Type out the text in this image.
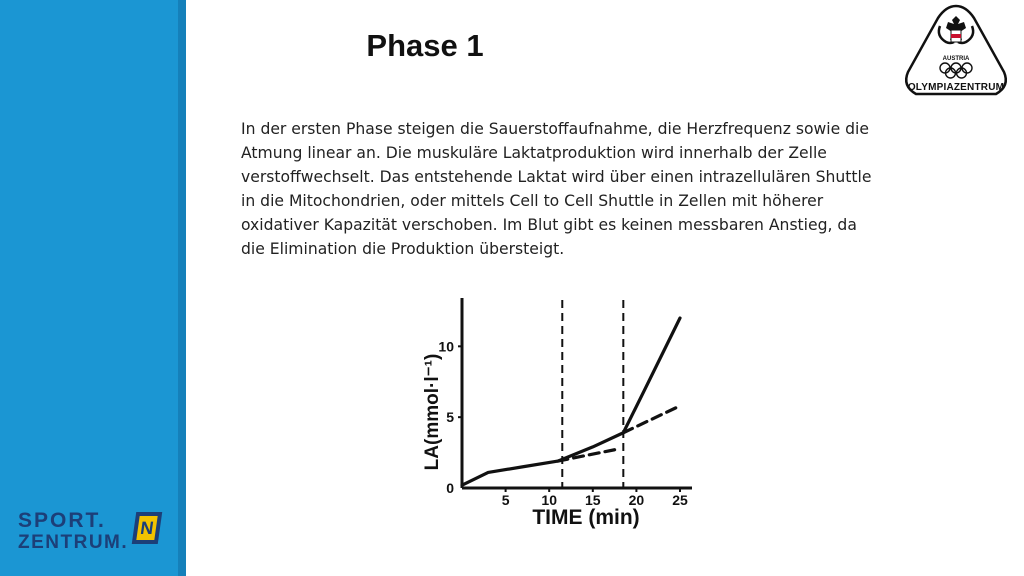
SPORT.
ZENTRUM.
N
Phase 1

In der ersten Phase steigen die Sauerstoffaufnahme, die Herzfrequenz sowie die Atmung linear an. Die muskuläre Laktatproduktion wird innerhalb der Zelle verstoffwechselt. Das entstehende Laktat wird über einen intrazellulären Shuttle in die Mitochondrien, oder mittels Cell to Cell Shuttle in Zellen mit höherer oxidativer Kapazität verschoben. Im Blut gibt es keinen messbaren Anstieg, da die Elimination die Produktion übersteigt.

AUSTRIA
OLYMPIAZENTRUM
0
5
10
5 10 15 20 25
TIME (min)
LA(mmol·l⁻¹)
